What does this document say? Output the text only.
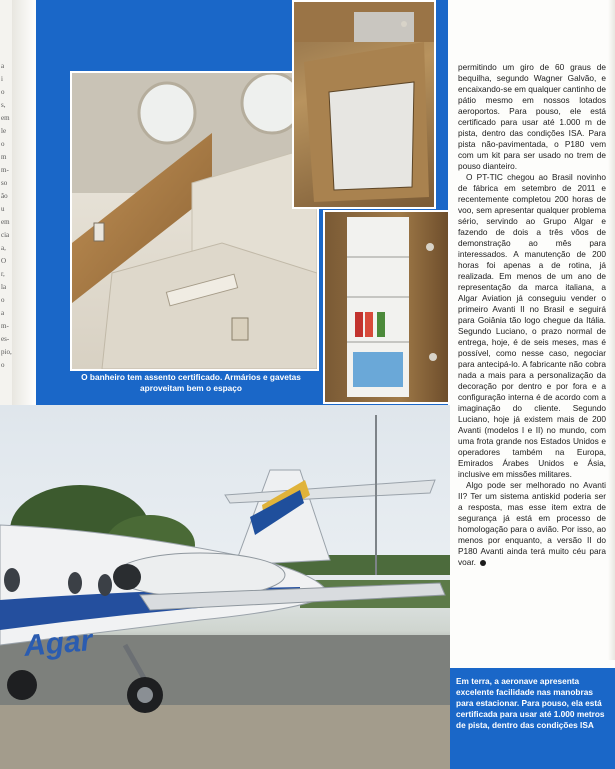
a
i
o
s,
em
le
o
m
m-
so
ão
u
em
cia
a,
O
r,
la
o
a
m-
es-
pio,
o
O banheiro tem assento certificado. Armários e gavetas aproveitam bem o espaço

permitindo um giro de 60 graus de bequilha, segundo Wagner Galvão, e encaixando-se em qualquer cantinho de pátio mesmo em nossos lotados aeroportos. Para pouso, ele está certificado para usar até 1.000 m de pista, dentro das condições ISA. Para pista não-pavimentada, o P180 vem com um kit para ser usado no trem de pouso dianteiro.

O PT-TIC chegou ao Brasil novinho de fábrica em setembro de 2011 e recentemente completou 200 horas de voo, sem apresentar qualquer problema sério, servindo ao Grupo Algar e fazendo de dois a três vôos de demonstração ao mês para interessados. A manutenção de 200 horas foi apenas a de rotina, já realizada. Em menos de um ano de representação da marca italiana, a Algar Aviation já conseguiu vender o primeiro Avanti II no Brasil e seguirá para Goiânia tão logo chegue da Itália. Segundo Luciano, o prazo normal de entrega, hoje, é de seis meses, mas é possível, como nesse caso, negociar para antecipá-lo. A fabricante não cobra nada a mais para a personalização da decoração por dentro e por fora e a configuração interna é de acordo com a imaginação do cliente. Segundo Luciano, hoje já existem mais de 200 Avanti (modelos I e II) no mundo, com uma frota grande nos Estados Unidos e operadores também na Europa, Emirados Árabes Unidos e Ásia, inclusive em missões militares.

Algo pode ser melhorado no Avanti II? Ter um sistema antiskid poderia ser a resposta, mas esse item extra de segurança já está em processo de homologação para o avião. Por isso, ao menos por enquanto, a versão II do P180 Avanti ainda terá muito céu para voar.

Agar
Em terra, a aeronave apresenta excelente facilidade nas manobras para estacionar. Para pouso, ela está certificada para usar até 1.000 metros de pista, dentro das condições ISA
